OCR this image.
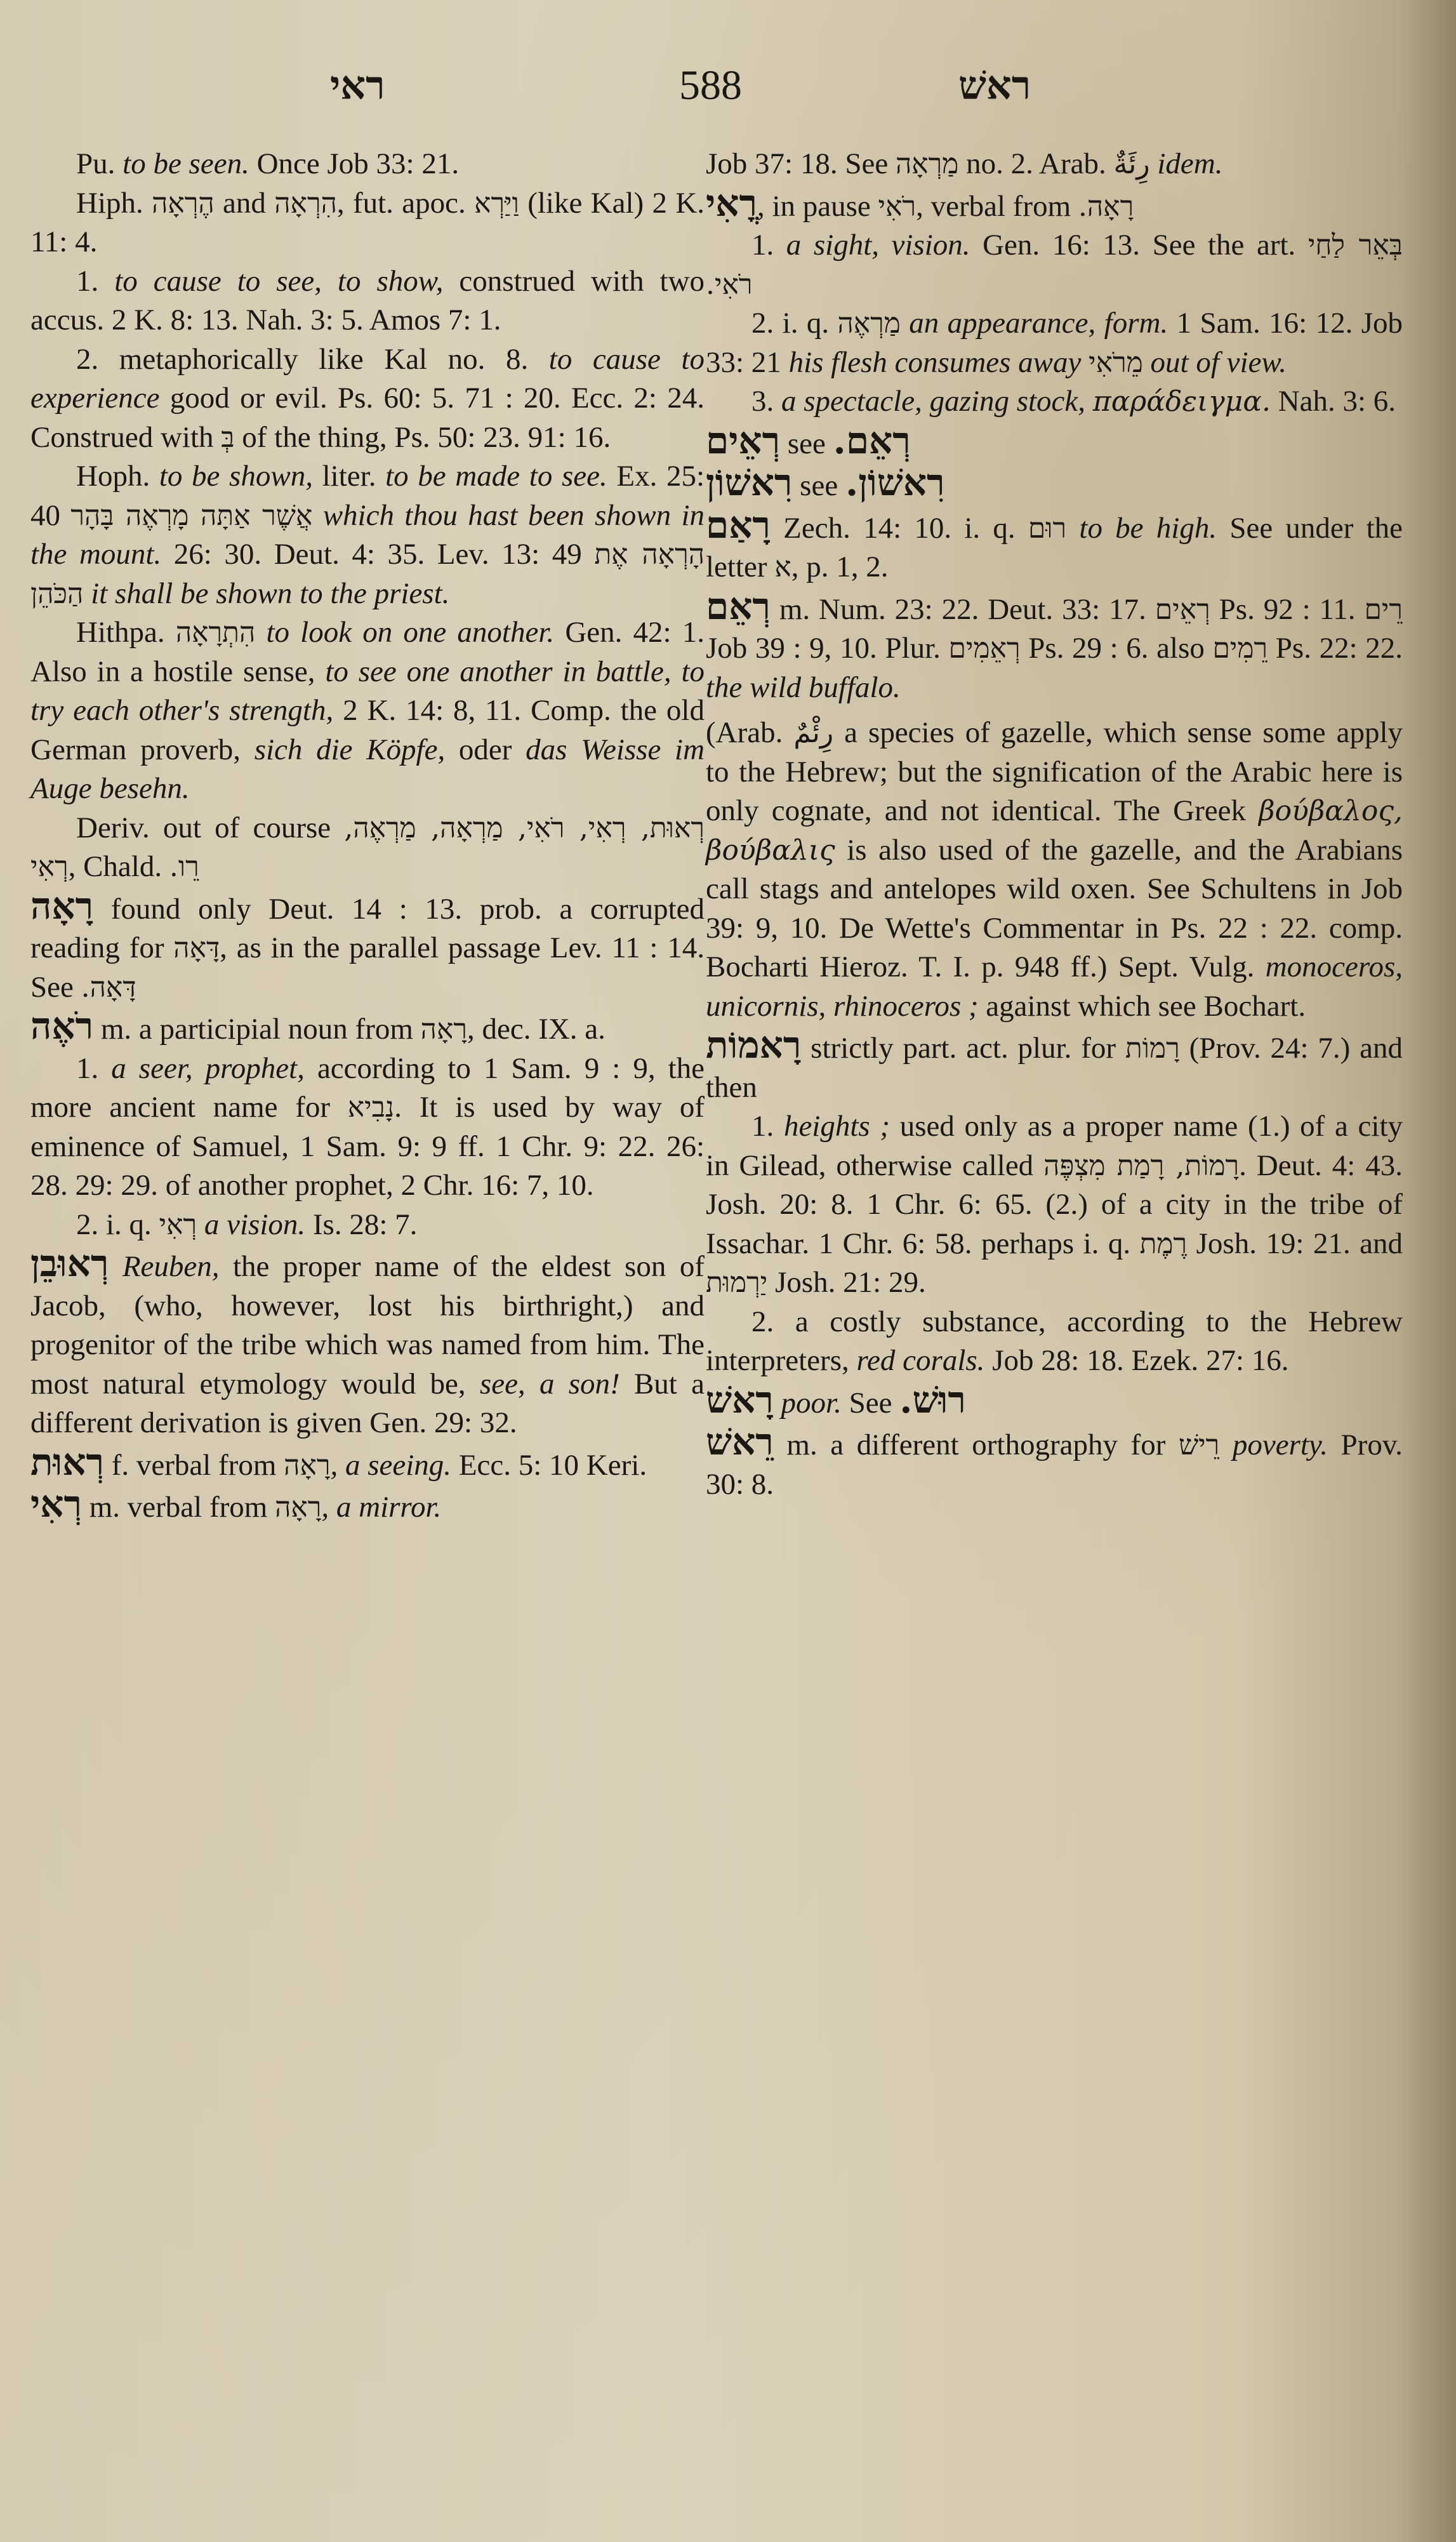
ראי	588	ראשׁ

Pu. to be seen. Once Job 33: 21.

Hiph. הֶרְאָה and הִרְאָה, fut. apoc. וַיַּרְא (like Kal) 2 K. 11: 4.

1. to cause to see, to show, construed with two accus. 2 K. 8: 13. Nah. 3: 5. Amos 7: 1.

2. metaphorically like Kal no. 8. to cause to experience good or evil. Ps. 60: 5. 71 : 20. Ecc. 2: 24. Construed with בְּ of the thing, Ps. 50: 23. 91: 16.

Hoph. to be shown, liter. to be made to see. Ex. 25: 40 אֲשֶׁר אַתָּה מָרְאֶה בָּהָר which thou hast been shown in the mount. 26: 30. Deut. 4: 35. Lev. 13: 49 הָרְאָה אֶת הַכֹּהֵן it shall be shown to the priest.

Hithpa. הִתְרָאָה to look on one another. Gen. 42: 1. Also in a hostile sense, to see one another in battle, to try each other's strength, 2 K. 14: 8, 11. Comp. the old German proverb, sich die Köpfe, oder das Weisse im Auge besehn.

Deriv. out of course רְאוּת, רְאִי, רֹאִי, מַרְאָה, מַרְאֶה, רְאִי, Chald. רֵו.

רָאָה found only Deut. 14 : 13. prob. a corrupted reading for דָּאָה, as in the parallel passage Lev. 11 : 14. See דָּאָה.

רֹאֶה m. a participial noun from רָאָה, dec. IX. a.

1. a seer, prophet, according to 1 Sam. 9 : 9, the more ancient name for נָבִיא. It is used by way of eminence of Samuel, 1 Sam. 9: 9 ff. 1 Chr. 9: 22. 26: 28. 29: 29. of another prophet, 2 Chr. 16: 7, 10.

2. i. q. רְאִי a vision. Is. 28: 7.

רְאוּבֵן Reuben, the proper name of the eldest son of Jacob, (who, however, lost his birthright,) and progenitor of the tribe which was named from him. The most natural etymology would be, see, a son! But a different derivation is given Gen. 29: 32.

רְאוּת f. verbal from רָאָה, a seeing. Ecc. 5: 10 Keri.

רְאִי m. verbal from רָאָה, a mirror.

Job 37: 18. See מַרְאָה no. 2. Arab. رِئَةٌ idem.

רֳאִי, in pause רֹאִי, verbal from רָאָה.

1. a sight, vision. Gen. 16: 13. See the art. בְּאֵר לַחַי רֹאִי.

2. i. q. מַרְאֶה an appearance, form. 1 Sam. 16: 12. Job 33: 21 his flesh consumes away מֵרֹאִי out of view.

3. a spectacle, gazing stock, παράδειγμα. Nah. 3: 6.

רְאֵים see רְאֵם.

רִאשׁוֹן see רִאשׁוֹן.

רָאַם Zech. 14: 10. i. q. רוּם to be high. See under the letter א, p. 1, 2.

רְאֵם m. Num. 23: 22. Deut. 33: 17. רְאֵים Ps. 92 : 11. רֵים Job 39 : 9, 10. Plur. רְאֵמִים Ps. 29 : 6. also רֵמִים Ps. 22: 22. the wild buffalo.

(Arab. رِئْمٌ a species of gazelle, which sense some apply to the Hebrew; but the signification of the Arabic here is only cognate, and not identical. The Greek βούβαλος, βούβαλις is also used of the gazelle, and the Arabians call stags and antelopes wild oxen. See Schultens in Job 39: 9, 10. De Wette's Commentar in Ps. 22 : 22. comp. Bocharti Hieroz. T. I. p. 948 ff.) Sept. Vulg. monoceros, unicornis, rhinoceros ; against which see Bochart.

רָאמוֹת strictly part. act. plur. for רָמוֹת (Prov. 24: 7.) and then

1. heights ; used only as a proper name (1.) of a city in Gilead, otherwise called רָמוֹת, רָמַת מִצְפֶּה. Deut. 4: 43. Josh. 20: 8. 1 Chr. 6: 65. (2.) of a city in the tribe of Issachar. 1 Chr. 6: 58. perhaps i. q. רֶמֶת Josh. 19: 21. and יַרְמוּת Josh. 21: 29.

2. a costly substance, according to the Hebrew interpreters, red corals. Job 28: 18. Ezek. 27: 16.

רָאשׁ poor. See רוּשׁ.

רֵאשׁ m. a different orthography for רֵישׁ poverty. Prov. 30: 8.
